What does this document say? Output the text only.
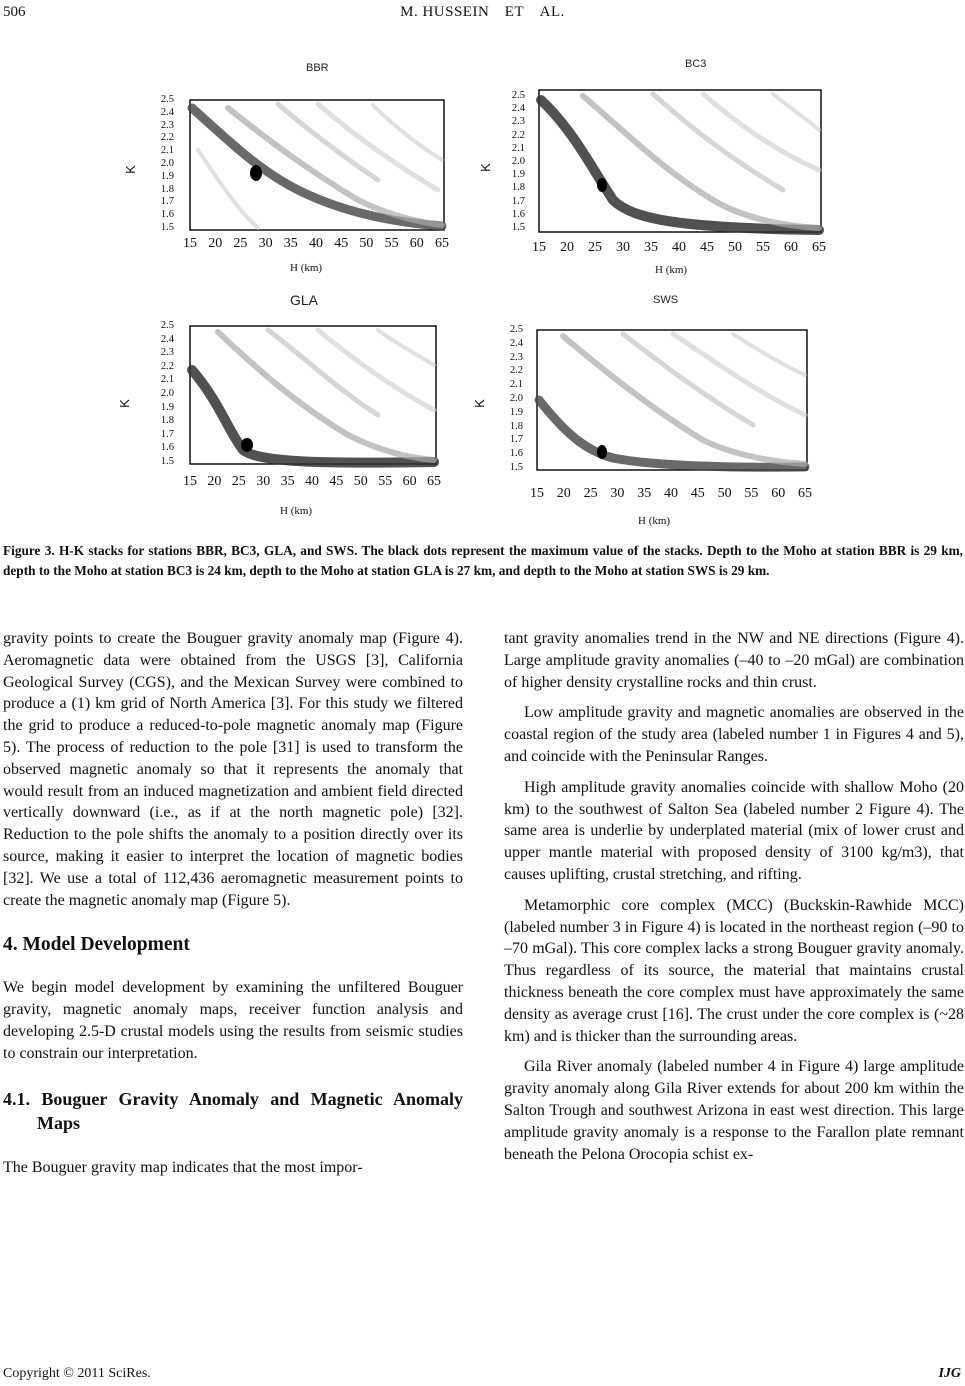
506	M. HUSSEIN ET AL.
BBR
K
H (km)
BC3
K
H (km)
GLA
K
H (km)
SWS
K
H (km)
2.5
2.4
2.3
2.2
2.1
2.0
1.9
1.8
1.7
1.6
1.5
15 20 25 30 35 40 45 50 55 60 65
2.5
2.4
2.3
2.2
2.1
2.0
1.9
1.8
1.7
1.6
1.5
15	20	25	30	35	40	45	50	55	60	65
2.5
2.4
2.3
2.2
2.1
2.0
1.9
1.8
1.7
1.6
1.5
15 20 25 30 35 40 45 50 55 60 65
2.5
2.4
2.3
2.2
2.1
2.0
1.9
1.8
1.7
1.6
1.5
15 20 25 30 35 40 45 50 55 60 65
Figure 3. H-K stacks for stations BBR, BC3, GLA, and SWS. The black dots represent the maximum value of the stacks. Depth to the Moho at station BBR is 29 km, depth to the Moho at station BC3 is 24 km, depth to the Moho at station GLA is 27 km, and depth to the Moho at station SWS is 29 km.

gravity points to create the Bouguer gravity anomaly map (Figure 4). Aeromagnetic data were obtained from the USGS [3], California Geological Survey (CGS), and the Mexican Survey were combined to produce a (1) km grid of North America [3]. For this study we filtered the grid to produce a reduced-to-pole magnetic anomaly map (Figure 5). The process of reduction to the pole [31] is used to transform the observed magnetic anomaly so that it represents the anomaly that would result from an induced magnetization and ambient field directed vertically downward (i.e., as if at the north magnetic pole) [32]. Reduction to the pole shifts the anomaly to a position directly over its source, making it easier to interpret the location of magnetic bodies [32]. We use a total of 112,436 aeromagnetic measurement points to create the magnetic anomaly map (Figure 5).

4. Model Development

We begin model development by examining the unfiltered Bouguer gravity, magnetic anomaly maps, receiver function analysis and developing 2.5-D crustal models using the results from seismic studies to constrain our interpretation.

4.1. Bouguer Gravity Anomaly and Magnetic Anomaly Maps

The Bouguer gravity map indicates that the most impor-

tant gravity anomalies trend in the NW and NE directions (Figure 4). Large amplitude gravity anomalies (–40 to –20 mGal) are combination of higher density crystalline rocks and thin crust.

Low amplitude gravity and magnetic anomalies are observed in the coastal region of the study area (labeled number 1 in Figures 4 and 5), and coincide with the Peninsular Ranges.

High amplitude gravity anomalies coincide with shallow Moho (20 km) to the southwest of Salton Sea (labeled number 2 Figure 4). The same area is underlie by underplated material (mix of lower crust and upper mantle material with proposed density of 3100 kg/m3), that causes uplifting, crustal stretching, and rifting.

Metamorphic core complex (MCC) (Buckskin-Rawhide MCC) (labeled number 3 in Figure 4) is located in the northeast region (–90 to –70 mGal). This core complex lacks a strong Bouguer gravity anomaly. Thus regardless of its source, the material that maintains crustal thickness beneath the core complex must have approximately the same density as average crust [16]. The crust under the core complex is (~28 km) and is thicker than the surrounding areas.

Gila River anomaly (labeled number 4 in Figure 4) large amplitude gravity anomaly along Gila River extends for about 200 km within the Salton Trough and southwest Arizona in east west direction. This large amplitude gravity anomaly is a response to the Farallon plate remnant beneath the Pelona Orocopia schist ex-

Copyright © 2011 SciRes.	IJG
